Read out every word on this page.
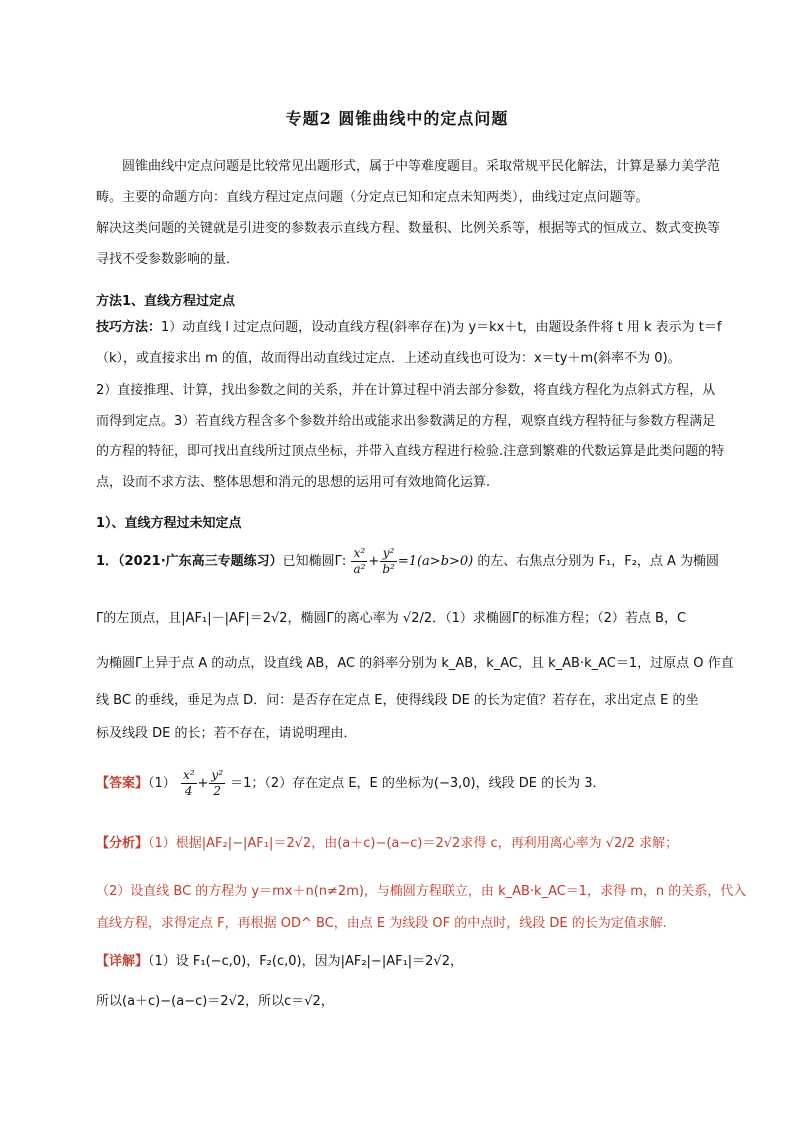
专题2 圆锥曲线中的定点问题
圆锥曲线中定点问题是比较常见出题形式，属于中等难度题目。采取常规平民化解法，计算是暴力美学范畴。主要的命题方向：直线方程过定点问题（分定点已知和定点未知两类），曲线过定点问题等。
解决这类问题的关键就是引进变的参数表示直线方程、数量积、比例关系等，根据等式的恒成立、数式变换等寻找不受参数影响的量．
方法1、直线方程过定点
技巧方法：1）动直线 l 过定点问题，设动直线方程(斜率存在)为 y＝kx＋t，由题设条件将 t 用 k 表示为 t＝f（k），或直接求出 m 的值，故而得出动直线过定点．上述动直线也可设为：x＝ty＋m(斜率不为 0)。
2）直接推理、计算，找出参数之间的关系，并在计算过程中消去部分参数，将直线方程化为点斜式方程，从而得到定点。3）若直线方程含多个参数并给出或能求出参数满足的方程，观察直线方程特征与参数方程满足的方程的特征，即可找出直线所过顶点坐标，并带入直线方程进行检验.注意到繁难的代数运算是此类问题的特点，设而不求方法、整体思想和消元的思想的运用可有效地简化运算.
1）、直线方程过未知定点
1．（2021·广东高三专题练习）已知椭圆Γ: $\frac{\text{x²}}{\text{a²}} + \frac{\text{y²}}{\text{b²}} =1(a>b>0)$ 的左、右焦点分别为 F₁，F₂，点 A 为椭圆
Γ的左顶点，且|AF₁|－|AF|＝2√2，椭圆Γ的离心率为 √2/2．（1）求椭圆Γ的标准方程；（2）若点 B，C
为椭圆Γ上异于点 A 的动点，设直线 AB，AC 的斜率分别为 k_AB，k_AC，且 k_AB·k_AC＝1，过原点 O 作直
线 BC 的垂线，垂足为点 D．问：是否存在定点 E，使得线段 DE 的长为定值？若存在，求出定点 E 的坐
标及线段 DE 的长；若不存在，请说明理由．
【答案】$(1) \frac{\text{x²}}{4} + \frac{\text{y²}}{2} =1$；（2）存在定点 E，E 的坐标为(−3,0)，线段 DE 的长为 3．
【分析】（1）根据|AF₂|−|AF₁|＝2√2，由(a＋c)−(a−c)＝2√2求得 c，再利用离心率为 √2/2 求解；
（2）设直线 BC 的方程为 y＝mx＋n(n≠2m)，与椭圆方程联立，由 k_AB·k_AC＝1，求得 m，n 的关系，代入
直线方程，求得定点 F，再根据 OD^ BC，由点 E 为线段 OF 的中点时，线段 DE 的长为定值求解.
【详解】（1）设 F₁(−c,0)，F₂(c,0)，因为|AF₂|−|AF₁|＝2√2，
所以(a＋c)−(a−c)＝2√2，所以c＝√2，
